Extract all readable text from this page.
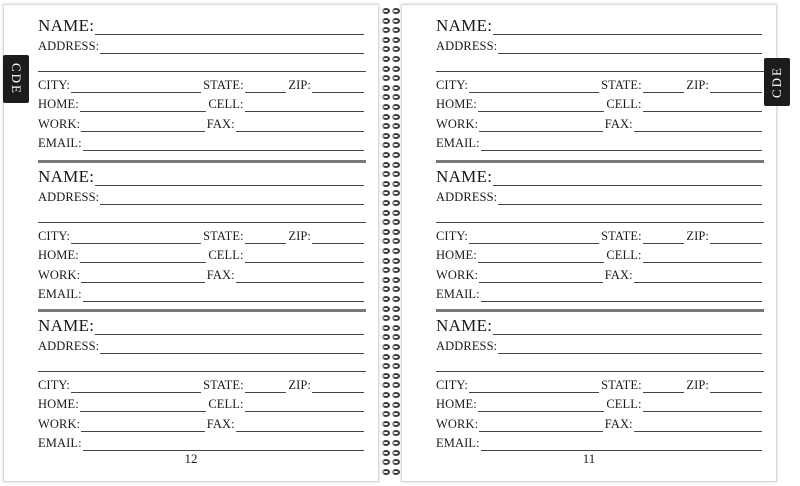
NAME:
ADDRESS:
CITY:	STATE:	ZIP:
HOME:	CELL:
WORK:	FAX:
EMAIL:
NAME:
ADDRESS:
CITY:	STATE:	ZIP:
HOME:	CELL:
WORK:	FAX:
EMAIL:
NAME:
ADDRESS:
CITY:	STATE:	ZIP:
HOME:	CELL:
WORK:	FAX:
EMAIL:
12
NAME:
ADDRESS:
CITY:	STATE:	ZIP:
HOME:	CELL:
WORK:	FAX:
EMAIL:
NAME:
ADDRESS:
CITY:	STATE:	ZIP:
HOME:	CELL:
WORK:	FAX:
EMAIL:
NAME:
ADDRESS:
CITY:	STATE:	ZIP:
HOME:	CELL:
WORK:	FAX:
EMAIL:
11
CDE	CDE
